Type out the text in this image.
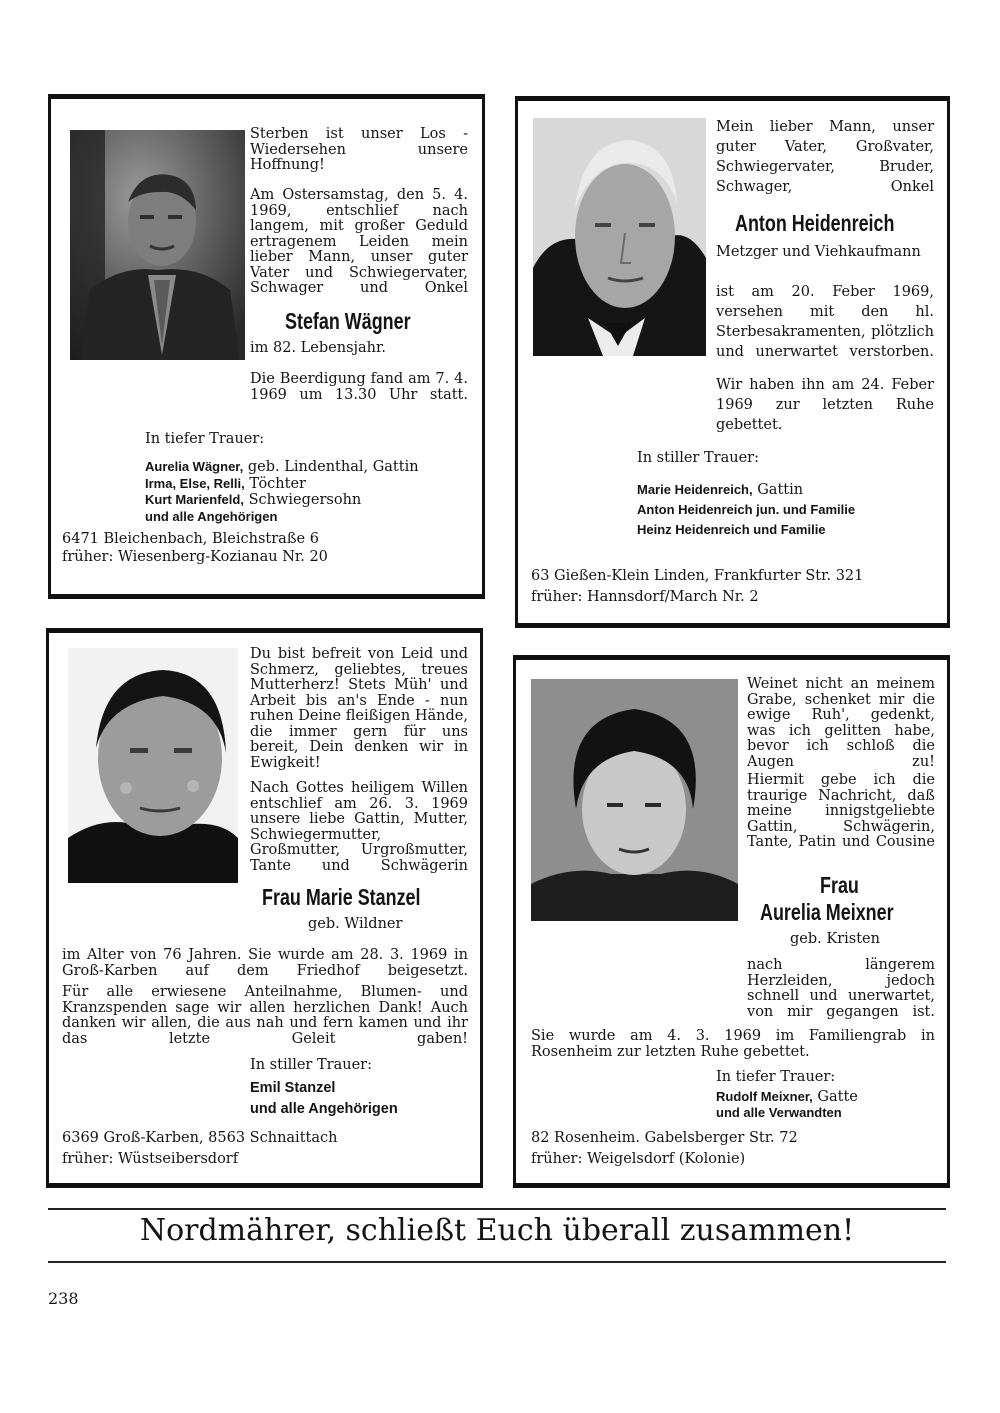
Sterben ist unser Los - Wiedersehen unsere Hoffnung!

Am Ostersamstag, den 5. 4. 1969, entschlief nach langem, mit großer Geduld ertragenem Leiden mein lieber Mann, unser guter Vater und Schwiegervater, Schwager und Onkel

Stefan Wägner

im 82. Lebensjahr.

Die Beerdigung fand am 7. 4. 1969 um 13.30 Uhr statt.

In tiefer Trauer:

Aurelia Wägner, geb. Lindenthal, Gattin
Irma, Else, Relli, Töchter
Kurt Marienfeld, Schwiegersohn
und alle Angehörigen
6471 Bleichenbach, Bleichstraße 6
früher: Wiesenberg-Kozianau Nr. 20

Mein lieber Mann, unser guter Vater, Großvater, Schwiegervater, Bruder, Schwager, Onkel

Anton Heidenreich

Metzger und Viehkaufmann

ist am 20. Feber 1969, versehen mit den hl. Sterbesakramenten, plötzlich und unerwartet verstorben.

Wir haben ihn am 24. Feber 1969 zur letzten Ruhe gebettet.

In stiller Trauer:

Marie Heidenreich, Gattin
Anton Heidenreich jun. und Familie
Heinz Heidenreich und Familie
63 Gießen-Klein Linden, Frankfurter Str. 321
früher: Hannsdorf/March Nr. 2

Du bist befreit von Leid und Schmerz, geliebtes, treues Mutterherz! Stets Müh' und Arbeit bis an's Ende - nun ruhen Deine fleißigen Hände, die immer gern für uns bereit, Dein denken wir in Ewigkeit!

Nach Gottes heiligem Willen entschlief am 26. 3. 1969 unsere liebe Gattin, Mutter, Schwiegermutter, Großmutter, Urgroßmutter, Tante und Schwägerin

Frau Marie Stanzel

geb. Wildner

im Alter von 76 Jahren. Sie wurde am 28. 3. 1969 in Groß-Karben auf dem Friedhof beigesetzt.

Für alle erwiesene Anteilnahme, Blumen- und Kranzspenden sage wir allen herzlichen Dank! Auch danken wir allen, die aus nah und fern kamen und ihr das letzte Geleit gaben!

In stiller Trauer:

Emil Stanzel
und alle Angehörigen
6369 Groß-Karben, 8563 Schnaittach
früher: Wüstseibersdorf

Weinet nicht an meinem Grabe, schenket mir die ewige Ruh', gedenkt, was ich gelitten habe, bevor ich schloß die Augen zu!

Hiermit gebe ich die traurige Nachricht, daß meine innigstgeliebte Gattin, Schwägerin, Tante, Patin und Cousine

Frau
Aurelia Meixner

geb. Kristen

nach längerem Herzleiden, jedoch schnell und unerwartet, von mir gegangen ist.

Sie wurde am 4. 3. 1969 im Familiengrab in Rosenheim zur letzten Ruhe gebettet.

In tiefer Trauer:

Rudolf Meixner, Gatte
und alle Verwandten
82 Rosenheim. Gabelsberger Str. 72
früher: Weigelsdorf (Kolonie)
Nordmährer, schließt Euch überall zusammen!
238
